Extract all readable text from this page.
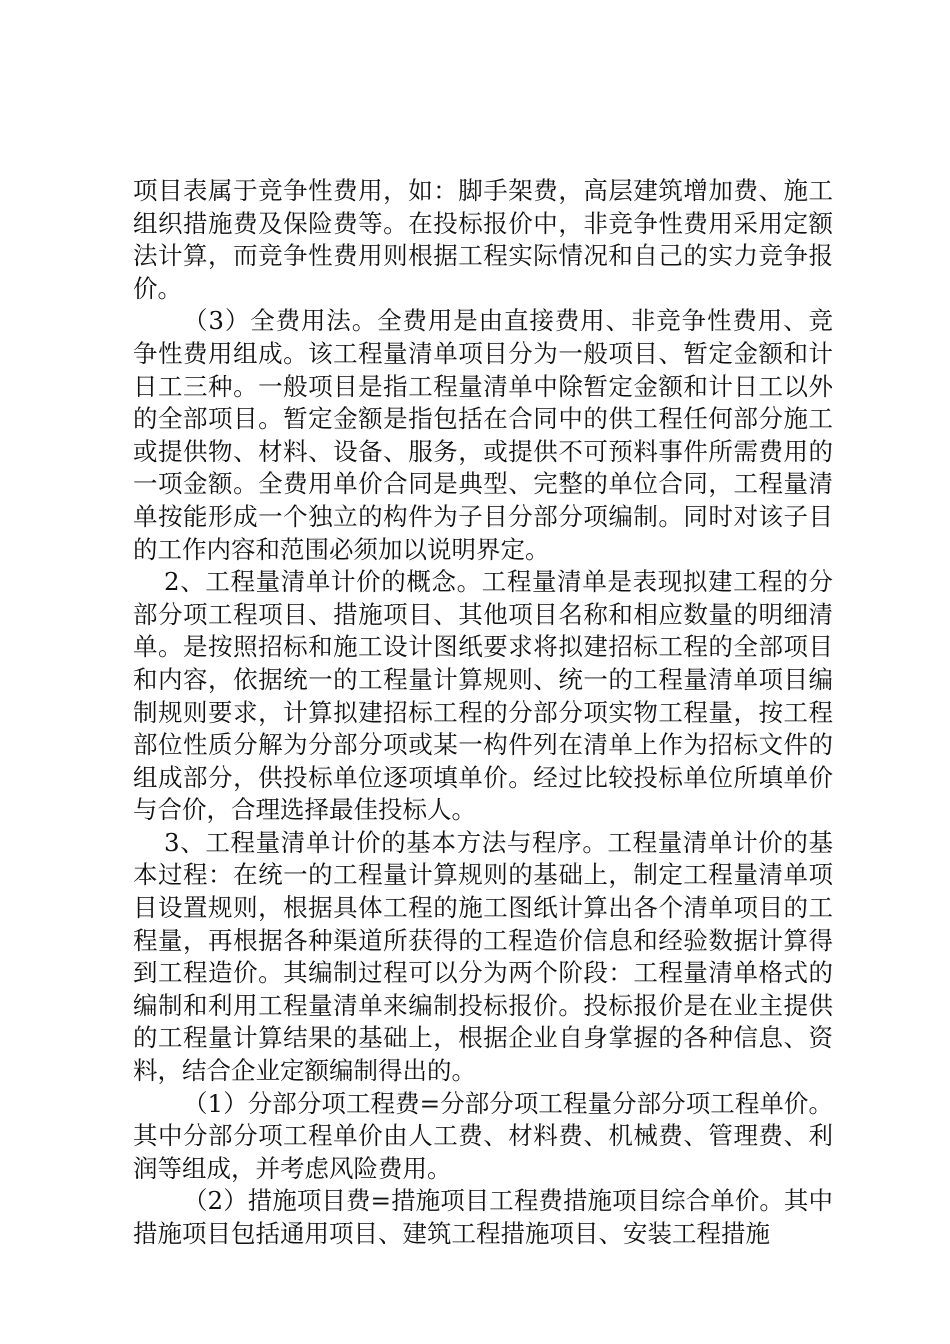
项目表属于竞争性费用，如：脚手架费，高层建筑增加费、施工组织措施费及保险费等。在投标报价中，非竞争性费用采用定额法计算，而竞争性费用则根据工程实际情况和自己的实力竞争报价。

（3）全费用法。全费用是由直接费用、非竞争性费用、竞争性费用组成。该工程量清单项目分为一般项目、暂定金额和计日工三种。一般项目是指工程量清单中除暂定金额和计日工以外的全部项目。暂定金额是指包括在合同中的供工程任何部分施工或提供物、材料、设备、服务，或提供不可预料事件所需费用的一项金额。全费用单价合同是典型、完整的单位合同，工程量清单按能形成一个独立的构件为子目分部分项编制。同时对该子目的工作内容和范围必须加以说明界定。

2、工程量清单计价的概念。工程量清单是表现拟建工程的分部分项工程项目、措施项目、其他项目名称和相应数量的明细清单。是按照招标和施工设计图纸要求将拟建招标工程的全部项目和内容，依据统一的工程量计算规则、统一的工程量清单项目编制规则要求，计算拟建招标工程的分部分项实物工程量，按工程部位性质分解为分部分项或某一构件列在清单上作为招标文件的组成部分，供投标单位逐项填单价。经过比较投标单位所填单价与合价，合理选择最佳投标人。

3、工程量清单计价的基本方法与程序。工程量清单计价的基本过程：在统一的工程量计算规则的基础上，制定工程量清单项目设置规则，根据具体工程的施工图纸计算出各个清单项目的工程量，再根据各种渠道所获得的工程造价信息和经验数据计算得到工程造价。其编制过程可以分为两个阶段：工程量清单格式的编制和利用工程量清单来编制投标报价。投标报价是在业主提供的工程量计算结果的基础上，根据企业自身掌握的各种信息、资料，结合企业定额编制得出的。

（1）分部分项工程费=分部分项工程量分部分项工程单价。其中分部分项工程单价由人工费、材料费、机械费、管理费、利润等组成，并考虑风险费用。

（2）措施项目费=措施项目工程费措施项目综合单价。其中措施项目包括通用项目、建筑工程措施项目、安装工程措施
